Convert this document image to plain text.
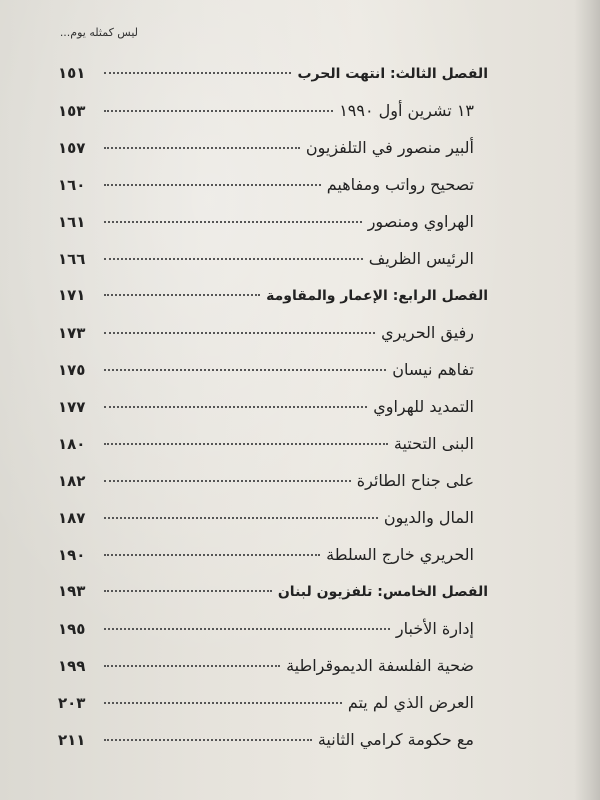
ليس كمثله يوم...
الفصل الثالث: انتهت الحرب
١٥١
١٣ تشرين أول ١٩٩٠
١٥٣
ألبير منصور في التلفزيون
١٥٧
تصحيح رواتب ومفاهيم
١٦٠
الهراوي ومنصور
١٦١
الرئيس الظريف
١٦٦
الفصل الرابع: الإعمار والمقاومة
١٧١
رفيق الحريري
١٧٣
تفاهم نيسان
١٧٥
التمديد للهراوي
١٧٧
البنى التحتية
١٨٠
على جناح الطائرة
١٨٢
المال والديون
١٨٧
الحريري خارج السلطة
١٩٠
الفصل الخامس: تلفزيون لبنان
١٩٣
إدارة الأخبار
١٩٥
ضحية الفلسفة الديموقراطية
١٩٩
العرض الذي لم يتم
٢٠٣
مع حكومة كرامي الثانية
٢١١
